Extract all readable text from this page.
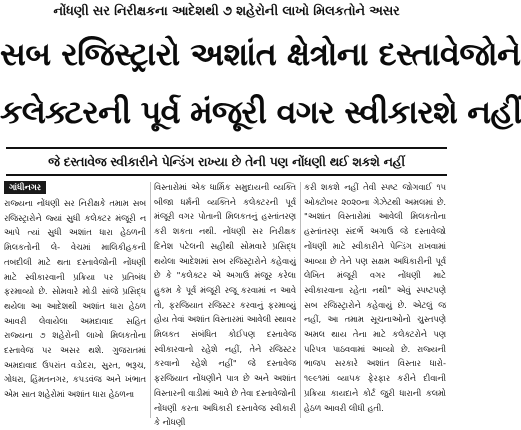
નોંધણી સર નિરીક્ષકના આદેશથી ૭ શહેરોની લાખો મિલકતોને અસર
સબ રજિસ્ટ્રારો અશાંત ક્ષેત્રોના દસ્તાવેજોને
કલેક્ટરની પૂર્વ મંજૂરી વગર સ્વીકારશે નહીં
જે દસ્તાવેજ સ્વીકારીને પેન્ડિંગ રાખ્યા છે તેની પણ નોંધણી થઈ શકશે નહીં
ગાંધીનગર

રાજ્યના નોંધણી સર નિરીક્ષકે તમામ સબ રજિસ્ટ્રારોને જ્યાં સુધી કલેક્ટર મંજૂરી ન આપે ત્યાં સુધી અશાંત ધારા હેઠળની મિલકતોની લે- વેચમાં માલિકીહકની તબદીલી માટે થતા દસ્તાવેજોની નોંધણી માટે સ્વીકારવાની પ્રક્રિયા પર પ્રતિબંધ ફરમાવ્યો છે. સોમવારે મોડી સાંજે પ્રસિદ્ધ થયેલા આ આદેશથી અશાંત ધારા હેઠળ આવરી લેવાયેલા અમદાવાદ સહિત રાજ્યના ૭ શહેરોની લાખો મિલકતોના દસ્તાવેજ પર અસર થશે. ગુજરાતમાં અમદાવાદ ઉપરાંત વડોદરા, સુરત, ભરૂચ, ગોધરા, હિંમતનગર, કપડવંજ અને ખંભાત એમ સાત શહેરોમાં અશાંત ધારા હેઠળના

વિસ્તારોમાં એક ધાર્મિક સમુદાયની વ્યક્તિ બીજા ધર્મની વ્યક્તિને કલેક્ટરની પૂર્વ મંજૂરી વગર પોતાની મિલકતનું હસ્તાંતરણ કરી શકતા નથી. નોંધણી સર નિરીક્ષક દિનેશ પટેલની સહીથી સોમવારે પ્રસિદ્ધ થયેલા આદેશમાં સબ રજિસ્ટ્રારોને કહેવાયું છે કે "કલેક્ટર એ અગાઉ મંજૂર કરેલા હુકમ કે પૂર્વ મંજૂરી રજૂ કરવામાં ન આવે તો, ફરજિયાત રજિસ્ટર કરવાનું ફરમાવ્યું હોય તેવાં અશાંત વિસ્તારમાં આવેલી સ્થાવર મિલકત સંબંધિત કોઈપણ દસ્તાવેજ સ્વીકારવાનો રહેશે નહીં, તેને રજિસ્ટર કરવાનો રહેશે નહીં" જે દસ્તાવેજ ફરજિયાત નોંધણીને પાત્ર છે અને અશાંત વિસ્તારની વાડીમાં આવે છે તેવા દસ્તાવેજોની નોંધણી કરતા અધિકારી દસ્તાવેજ સ્વીકારી કે નોંધણી

કરી શકશે નહીં તેવી સ્પષ્ટ જોગવાઈ ૧૫ ઓક્ટોબર ૨૦૨૦ના ગેઝેટથી અમલમાં છે. "અશાંત વિસ્તારોમાં આવેલી મિલકતોના હસ્તાંતરણ સંદર્ભે અગાઉ જે દસ્તાવેજો નોંધણી માટે સ્વીકારીને પેન્ડિંગ રાખવામાં આવ્યા છે તેને પણ સક્ષમ અધિકારીની પૂર્વ લેખિત મંજૂરી વગર નોંધણી માટે સ્વીકારવાના રહેતા નથી" એવું સ્પષ્ટપણે સબ રજિસ્ટ્રારોને કહેવાયું છે. એટલું જ નહીં, આ તમામ સૂચનાઓનો ચુસ્તપણે અમલ થાય તેના માટે કલેક્ટરોને પણ પરિપત્ર પાઠવવામાં આવ્યો છે. રાજ્યની ભાજપ સરકારે અશાંત વિસ્તાર ધારો- ૧૯૯૧માં વ્યાપક ફેરફાર કરીને દીવાની પ્રક્રિયા કાયદાને કોર્ટ જુરી ધારાની કલમો હેઠળ આવરી લીધી હતી.
